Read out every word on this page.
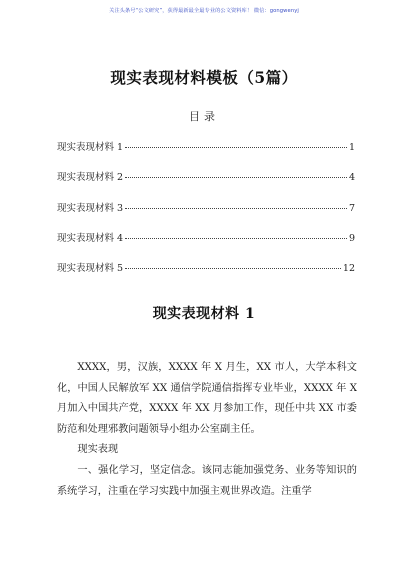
关注头条号“公文研究”，获得最新最全最专业的公文资料库！ 微信：gongwenyj
现实表现材料模板（5篇）
目录
现实表现材料 1	1
现实表现材料 2	4
现实表现材料 3	7
现实表现材料 4	9
现实表现材料 5	12
现实表现材料 1

XXXX，男，汉族，XXXX 年 X 月生，XX 市人，大学本科文化，中国人民解放军 XX 通信学院通信指挥专业毕业，XXXX 年 X 月加入中国共产党，XXXX 年 XX 月参加工作，现任中共 XX 市委防范和处理邪教问题领导小组办公室副主任。

现实表现

一、强化学习，坚定信念。该同志能加强党务、业务等知识的系统学习，注重在学习实践中加强主观世界改造。注重学
